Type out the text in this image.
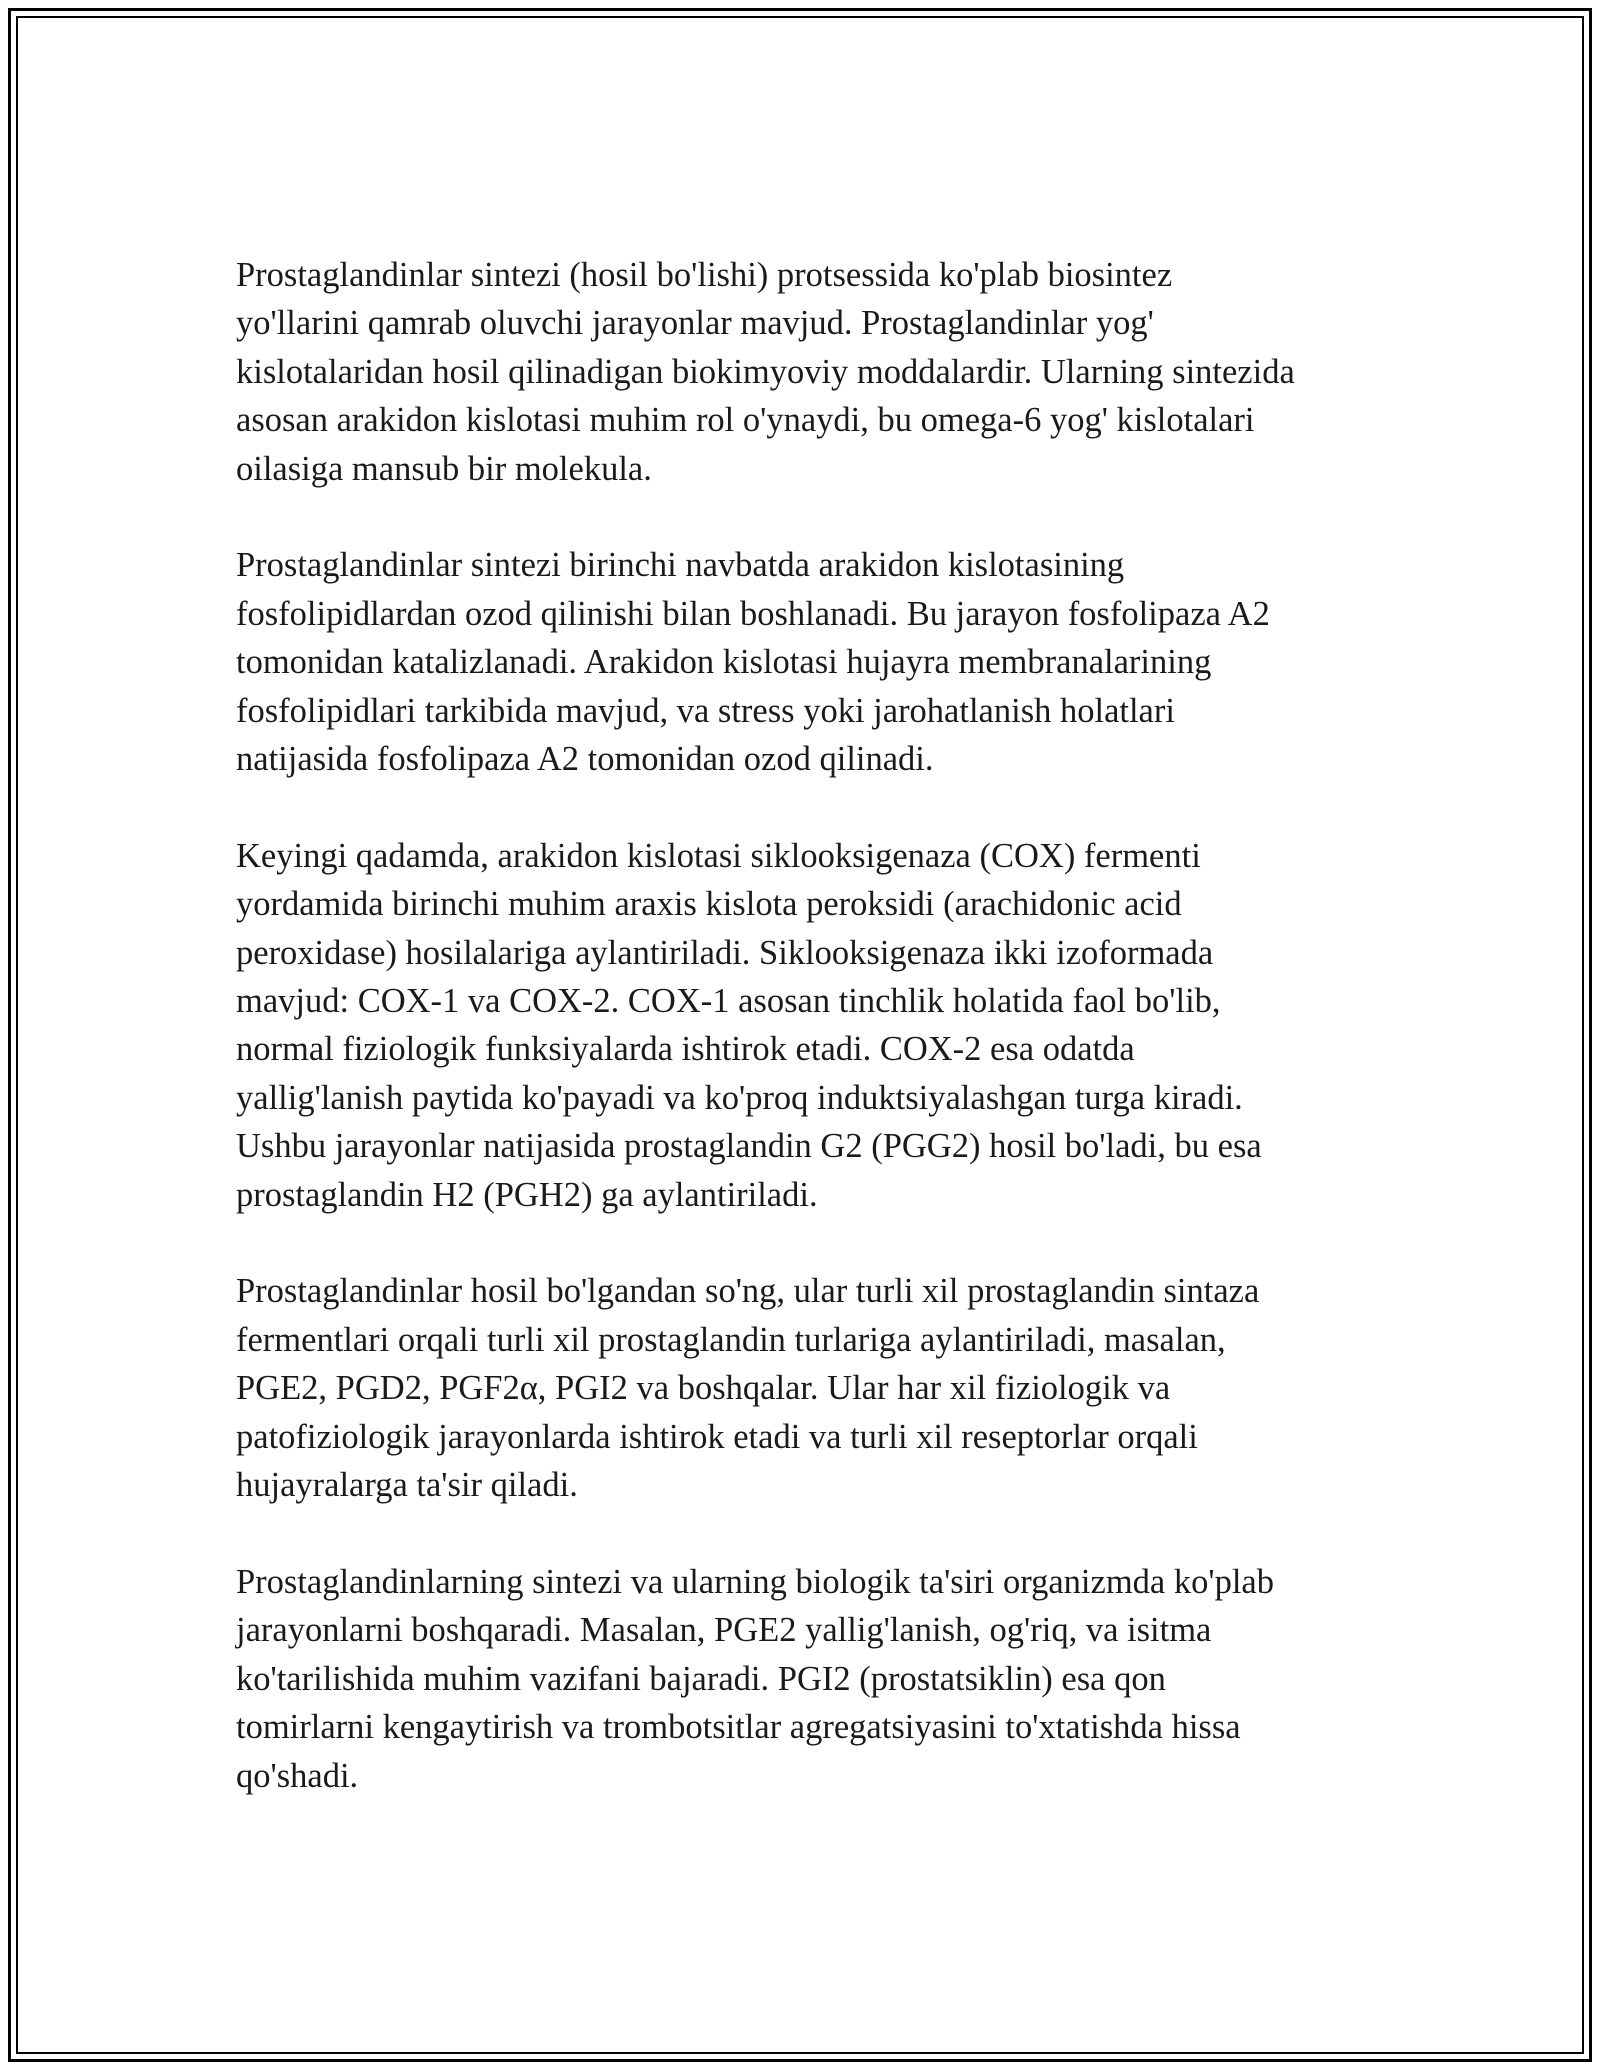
Prostaglandinlar sintezi (hosil bo'lishi) protsessida ko'plab biosintez
yo'llarini qamrab oluvchi jarayonlar mavjud. Prostaglandinlar yog'
kislotalaridan hosil qilinadigan biokimyoviy moddalardir. Ularning sintezida
asosan arakidon kislotasi muhim rol o'ynaydi, bu omega-6 yog' kislotalari
oilasiga mansub bir molekula.

Prostaglandinlar sintezi birinchi navbatda arakidon kislotasining
fosfolipidlardan ozod qilinishi bilan boshlanadi. Bu jarayon fosfolipaza A2
tomonidan katalizlanadi. Arakidon kislotasi hujayra membranalarining
fosfolipidlari tarkibida mavjud, va stress yoki jarohatlanish holatlari
natijasida fosfolipaza A2 tomonidan ozod qilinadi.

Keyingi qadamda, arakidon kislotasi siklooksigenaza (COX) fermenti
yordamida birinchi muhim araxis kislota peroksidi (arachidonic acid
peroxidase) hosilalariga aylantiriladi. Siklooksigenaza ikki izoformada
mavjud: COX-1 va COX-2. COX-1 asosan tinchlik holatida faol bo'lib,
normal fiziologik funksiyalarda ishtirok etadi. COX-2 esa odatda
yallig'lanish paytida ko'payadi va ko'proq induktsiyalashgan turga kiradi.
Ushbu jarayonlar natijasida prostaglandin G2 (PGG2) hosil bo'ladi, bu esa
prostaglandin H2 (PGH2) ga aylantiriladi.

Prostaglandinlar hosil bo'lgandan so'ng, ular turli xil prostaglandin sintaza
fermentlari orqali turli xil prostaglandin turlariga aylantiriladi, masalan,
PGE2, PGD2, PGF2α, PGI2 va boshqalar. Ular har xil fiziologik va
patofiziologik jarayonlarda ishtirok etadi va turli xil reseptorlar orqali
hujayralarga ta'sir qiladi.

Prostaglandinlarning sintezi va ularning biologik ta'siri organizmda ko'plab
jarayonlarni boshqaradi. Masalan, PGE2 yallig'lanish, og'riq, va isitma
ko'tarilishida muhim vazifani bajaradi. PGI2 (prostatsiklin) esa qon
tomirlarni kengaytirish va trombotsitlar agregatsiyasini to'xtatishda hissa
qo'shadi.
